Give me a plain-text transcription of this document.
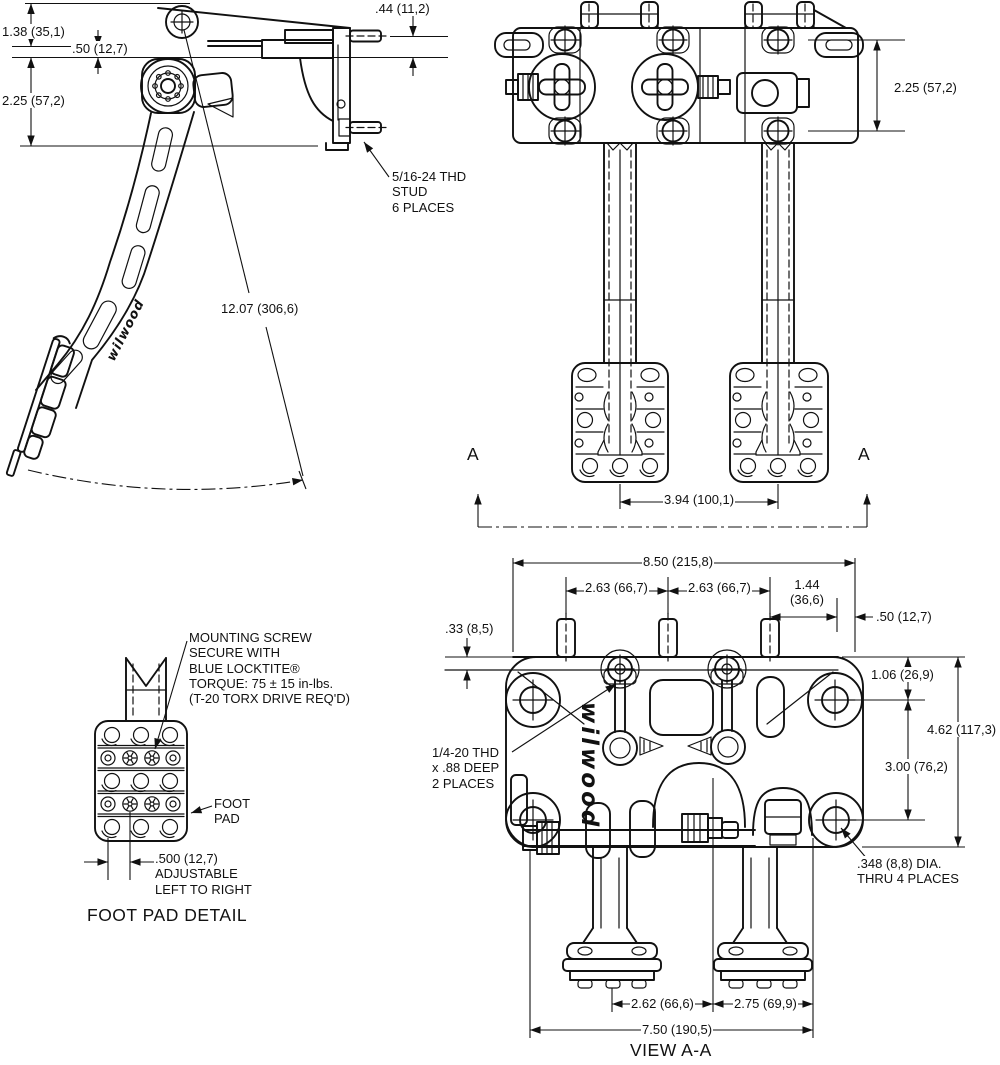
wilwood
wilwood
.44 (11,2)
1.38 (35,1)
.50 (12,7)
2.25 (57,2)
12.07 (306,6)
5/16-24 THD
STUD
6 PLACES
2.25 (57,2)
A	A
3.94 (100,1)
8.50 (215,8)
2.63 (66,7)	2.63 (66,7)	1.44
(36,6)
.50 (12,7)
.33 (8,5)
1/4-20 THD
x .88 DEEP
2 PLACES
1.06 (26,9)
4.62 (117,3)
3.00 (76,2)
.348 (8,8) DIA.
THRU 4 PLACES
2.62 (66,6)	2.75 (69,9)
7.50 (190,5)
VIEW A-A
MOUNTING SCREW
SECURE WITH
BLUE LOCKTITE®
TORQUE: 75 ± 15 in-lbs.
(T-20 TORX DRIVE REQ'D)
FOOT
PAD
.500 (12,7)
ADJUSTABLE
LEFT TO RIGHT
FOOT PAD DETAIL
